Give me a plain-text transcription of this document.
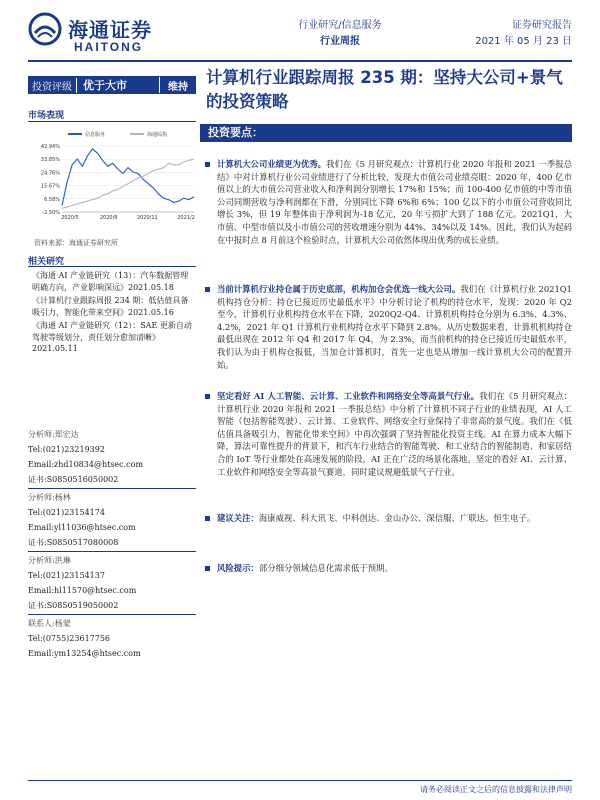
海通证券
HAITONG
行业研究/信息服务
行业周报
证券研究报告
2021 年 05 月 23 日
投资评级	优于大市	维持
市场表现
信息服务	海通综指
42.94%
33.85%
24.76%
15.67%
6.58%
-2.50%
2020/5	2020/8	2020/11	2021/2
资料来源：海通证券研究所
相关研究

《海通 AI 产业链研究（13）：汽车数据管理明确方向，产业影响深远》2021.05.18

《计算机行业跟踪周报 234 期：低估值具备吸引力，智能化带来空间》2021.05.16

《海通 AI 产业链研究（12）：SAE 更新自动驾驶等级划分，责任划分愈加清晰》2021.05.11

分析师:郑宏达
Tel:(021)23219392
Email:zhd10834@htsec.com
证书:S0850516050002
分析师:杨林
Tel:(021)23154174
Email:yl11036@htsec.com
证书:S0850517080008
分析师:洪琳
Tel:(021)23154137
Email:hl11570@htsec.com
证书:S0850519050002
联系人:杨蒙
Tel:(0755)23617756
Email:ym13254@htsec.com
计算机行业跟踪周报 235 期：坚持大公司+景气的投资策略
投资要点：
计算机大公司业绩更为优秀。我们在《5 月研究观点：计算机行业 2020 年报和 2021 一季报总结》中对计算机行业公司业绩进行了分析比较，发现大市值公司业绩亮眼：2020 年，400 亿市值以上的大市值公司营业收入和净利润分别增长 17%和 15%；而 100-400 亿市值的中等市值公司同期营收与净利润都在下滑，分别同比下降 6%和 6%；100 亿以下的小市值公司营收同比增长 3%，但 19 年整体由于净利润为-18 亿元，20 年亏损扩大到了 188 亿元。2021Q1，大市值、中型市值以及小市值公司的营收增速分别为 44%、34%以及 14%。因此，我们认为起码在中报时点 8 月前这个检验时点，计算机大公司依然体现出优秀的成长业绩。
当前计算机行业持仓属于历史底部，机构加仓会优选一线大公司。我们在《计算机行业 2021Q1 机构持仓分析：持仓已接近历史最低水平》中分析讨论了机构的持仓水平，发现：2020 年 Q2 至今，计算机行业机构持仓水平在下降，2020Q2-Q4、计算机机构持仓分别为 6.3%、4.3%、4.2%，2021 年 Q1 计算机行业机构持仓水平下降到 2.8%。从历史数据来看，计算机机构持仓最低出现在 2012 年 Q4 和 2017 年 Q4，为 2.3%，而当前机构的持仓已接近历史最低水平，我们认为由于机构仓报低，当加仓计算机时，首先一定也是从增加一线计算机大公司的配置开始。
坚定看好 AI 人工智能、云计算、工业软件和网络安全等高景气行业。我们在《5 月研究观点：计算机行业 2020 年报和 2021 一季报总结》中分析了计算机不同子行业的业绩表现，AI 人工智能（包括智能驾驶）、云计算、工业软件、网络安全行业保持了非常高的景气度。我们在《低估值具备吸引力，智能化带来空间》中再次强调了坚持智能化投资主线。AI 在算力成本大幅下降，算法可靠性提升的背景下，和汽车行业结合的智能驾驶、和工业结合的智能制造、和家居结合的 IoT 等行业都处在高速发展的阶段，AI 正在广泛的场景化落地。坚定的看好 AI、云计算、工业软件和网络安全等高景气赛道，同时建议规避低景气子行业。
建议关注：海康威视、科大讯飞、中科创达、金山办公、深信服、广联达、恒生电子。
风险提示：部分细分领域信息化需求低于预期。
请务必阅读正文之后的信息披露和法律声明
